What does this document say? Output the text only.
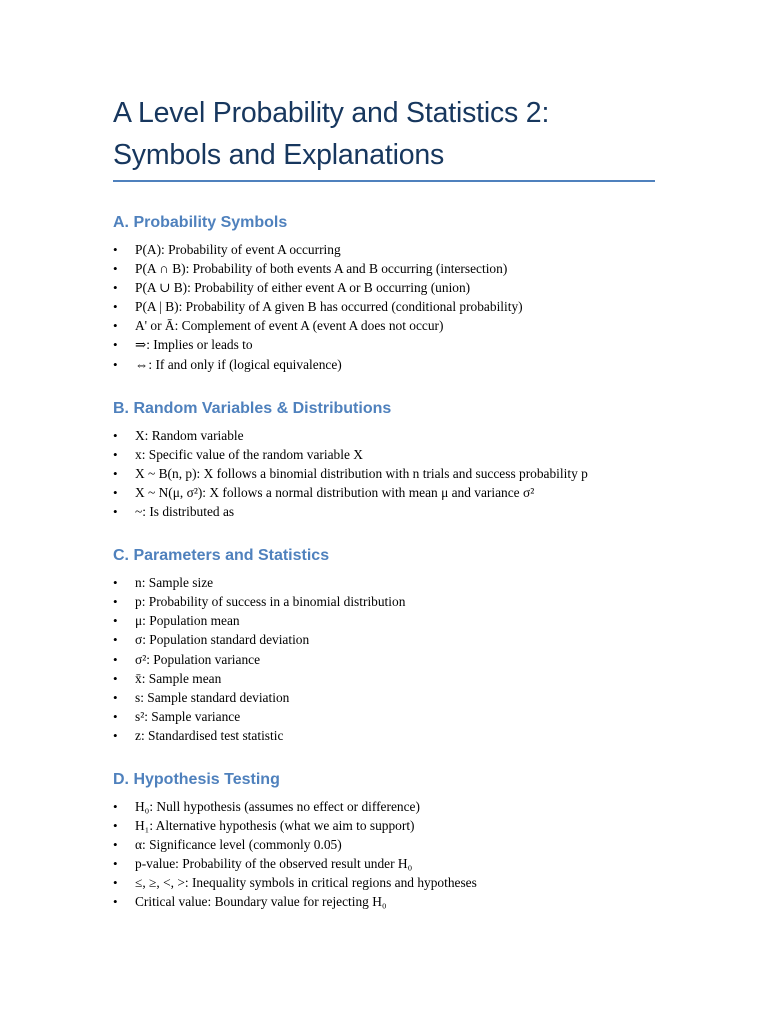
A Level Probability and Statistics 2:
Symbols and Explanations
A. Probability Symbols
• P(A): Probability of event A occurring
• P(A ∩ B): Probability of both events A and B occurring (intersection)
• P(A ∪ B): Probability of either event A or B occurring (union)
• P(A | B): Probability of A given B has occurred (conditional probability)
• A' or Ā: Complement of event A (event A does not occur)
• ⇒: Implies or leads to
• ⇔: If and only if (logical equivalence)
B. Random Variables & Distributions
• X: Random variable
• x: Specific value of the random variable X
• X ~ B(n, p): X follows a binomial distribution with n trials and success probability p
• X ~ N(μ, σ²): X follows a normal distribution with mean μ and variance σ²
• ~: Is distributed as
C. Parameters and Statistics
• n: Sample size
• p: Probability of success in a binomial distribution
• μ: Population mean
• σ: Population standard deviation
• σ²: Population variance
• x̄: Sample mean
• s: Sample standard deviation
• s²: Sample variance
• z: Standardised test statistic
D. Hypothesis Testing
• H₀: Null hypothesis (assumes no effect or difference)
• H₁: Alternative hypothesis (what we aim to support)
• α: Significance level (commonly 0.05)
• p-value: Probability of the observed result under H₀
• ≤, ≥, <, >: Inequality symbols in critical regions and hypotheses
• Critical value: Boundary value for rejecting H₀
